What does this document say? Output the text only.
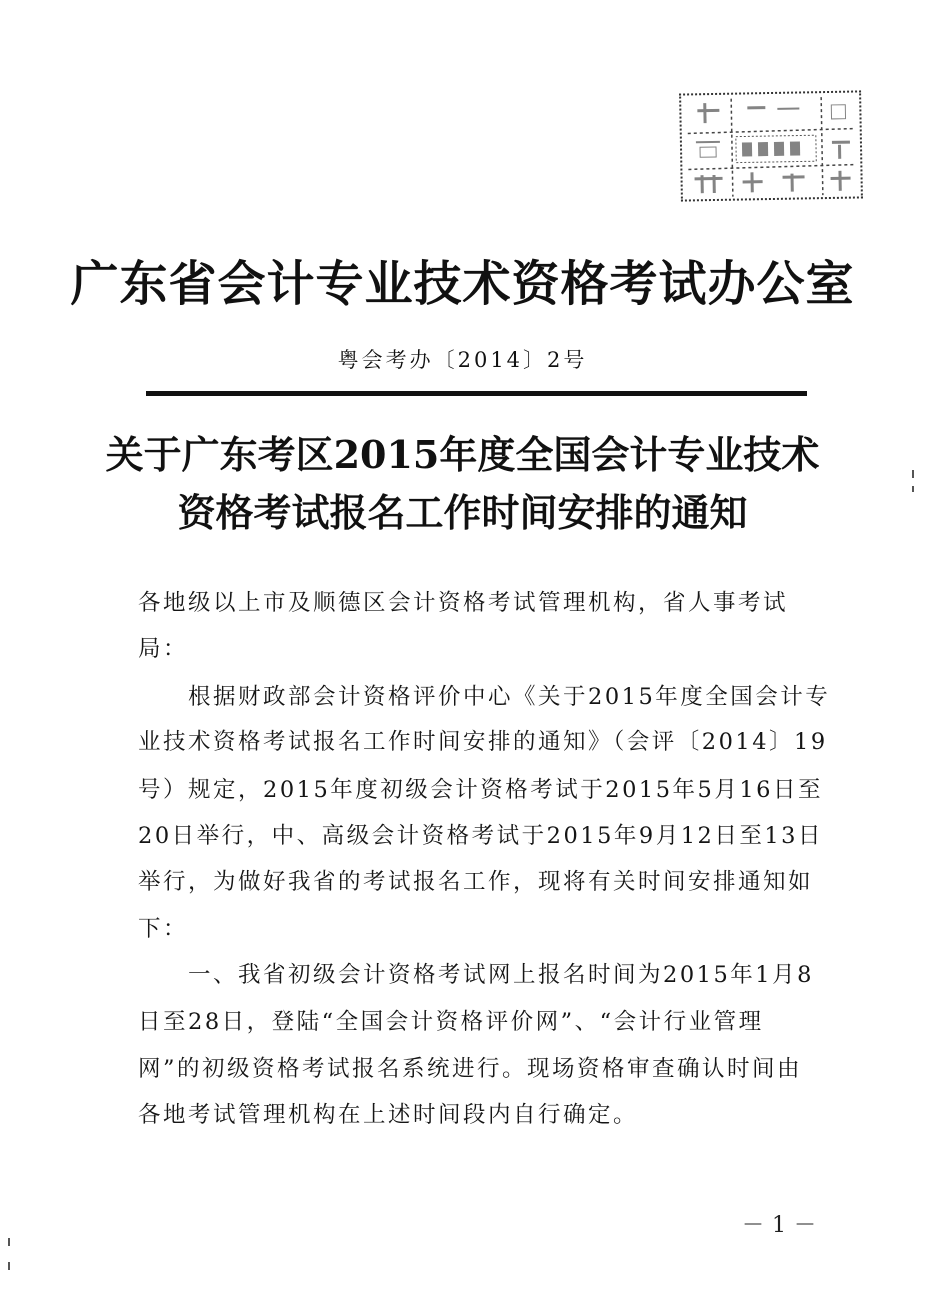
广东省会计专业技术资格考试办公室
粤会考办〔2014〕2号
关于广东考区2015年度全国会计专业技术
资格考试报名工作时间安排的通知
各地级以上市及顺德区会计资格考试管理机构，省人事考试
局：
　　根据财政部会计资格评价中心《关于2015年度全国会计专
业技术资格考试报名工作时间安排的通知》（会评〔2014〕19
号）规定，2015年度初级会计资格考试于2015年5月16日至
20日举行，中、高级会计资格考试于2015年9月12日至13日
举行，为做好我省的考试报名工作，现将有关时间安排通知如
下：
　　一、我省初级会计资格考试网上报名时间为2015年1月8
日至28日，登陆“全国会计资格评价网”、“会计行业管理
网”的初级资格考试报名系统进行。现场资格审查确认时间由
各地考试管理机构在上述时间段内自行确定。
－1－
